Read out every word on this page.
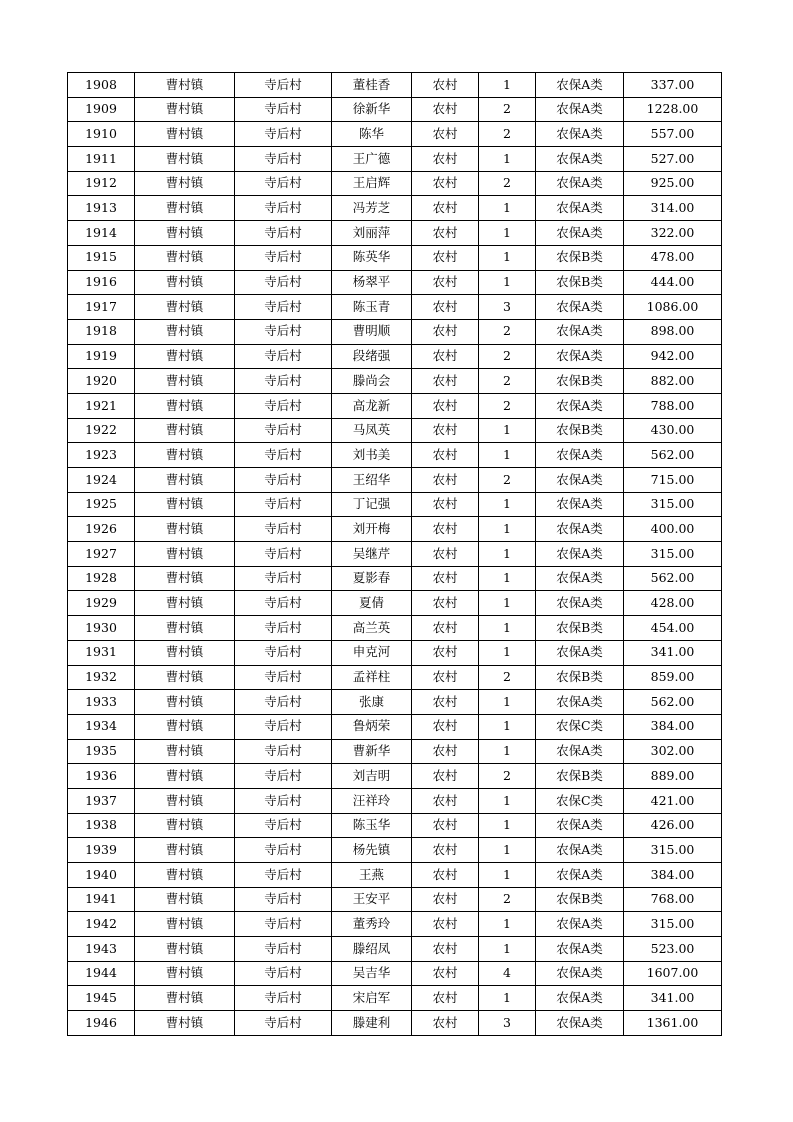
1908	曹村镇	寺后村	董桂香	农村	1	农保A类	337.00
1909	曹村镇	寺后村	徐新华	农村	2	农保A类	1228.00
1910	曹村镇	寺后村	陈华	农村	2	农保A类	557.00
1911	曹村镇	寺后村	王广德	农村	1	农保A类	527.00
1912	曹村镇	寺后村	王启辉	农村	2	农保A类	925.00
1913	曹村镇	寺后村	冯芳芝	农村	1	农保A类	314.00
1914	曹村镇	寺后村	刘丽萍	农村	1	农保A类	322.00
1915	曹村镇	寺后村	陈英华	农村	1	农保B类	478.00
1916	曹村镇	寺后村	杨翠平	农村	1	农保B类	444.00
1917	曹村镇	寺后村	陈玉青	农村	3	农保A类	1086.00
1918	曹村镇	寺后村	曹明顺	农村	2	农保A类	898.00
1919	曹村镇	寺后村	段绪强	农村	2	农保A类	942.00
1920	曹村镇	寺后村	滕尚会	农村	2	农保B类	882.00
1921	曹村镇	寺后村	高龙新	农村	2	农保A类	788.00
1922	曹村镇	寺后村	马凤英	农村	1	农保B类	430.00
1923	曹村镇	寺后村	刘书美	农村	1	农保A类	562.00
1924	曹村镇	寺后村	王绍华	农村	2	农保A类	715.00
1925	曹村镇	寺后村	丁记强	农村	1	农保A类	315.00
1926	曹村镇	寺后村	刘开梅	农村	1	农保A类	400.00
1927	曹村镇	寺后村	吴继芹	农村	1	农保A类	315.00
1928	曹村镇	寺后村	夏影春	农村	1	农保A类	562.00
1929	曹村镇	寺后村	夏倩	农村	1	农保A类	428.00
1930	曹村镇	寺后村	高兰英	农村	1	农保B类	454.00
1931	曹村镇	寺后村	申克河	农村	1	农保A类	341.00
1932	曹村镇	寺后村	孟祥柱	农村	2	农保B类	859.00
1933	曹村镇	寺后村	张康	农村	1	农保A类	562.00
1934	曹村镇	寺后村	鲁炳荣	农村	1	农保C类	384.00
1935	曹村镇	寺后村	曹新华	农村	1	农保A类	302.00
1936	曹村镇	寺后村	刘吉明	农村	2	农保B类	889.00
1937	曹村镇	寺后村	汪祥玲	农村	1	农保C类	421.00
1938	曹村镇	寺后村	陈玉华	农村	1	农保A类	426.00
1939	曹村镇	寺后村	杨先镇	农村	1	农保A类	315.00
1940	曹村镇	寺后村	王燕	农村	1	农保A类	384.00
1941	曹村镇	寺后村	王安平	农村	2	农保B类	768.00
1942	曹村镇	寺后村	董秀玲	农村	1	农保A类	315.00
1943	曹村镇	寺后村	滕绍凤	农村	1	农保A类	523.00
1944	曹村镇	寺后村	吴吉华	农村	4	农保A类	1607.00
1945	曹村镇	寺后村	宋启军	农村	1	农保A类	341.00
1946	曹村镇	寺后村	滕建利	农村	3	农保A类	1361.00
